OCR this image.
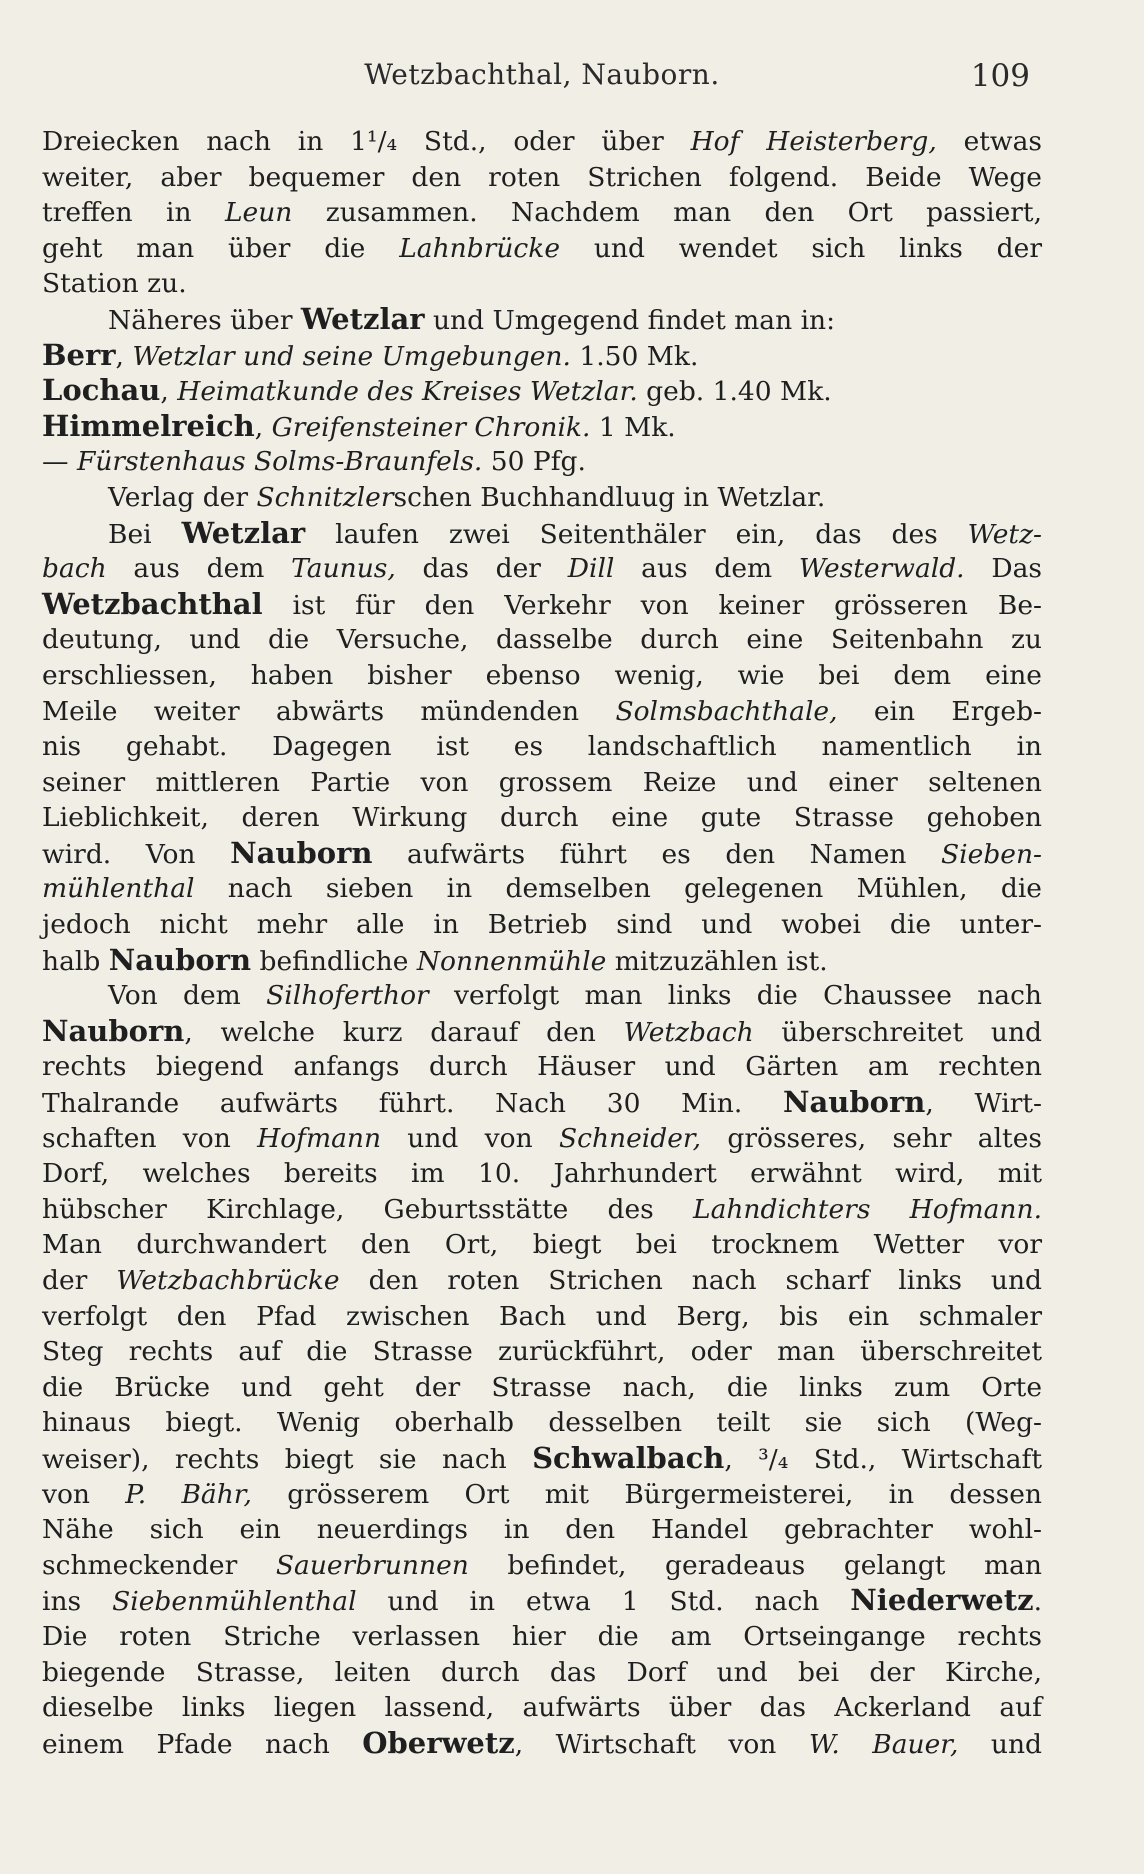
Wetzbachthal, Nauborn.	109
Dreiecken nach in 1¹/₄ Std., oder über Hof Heisterberg, etwas
weiter, aber bequemer den roten Strichen folgend. Beide Wege
treffen in Leun zusammen. Nachdem man den Ort passiert,
geht man über die Lahnbrücke und wendet sich links der
Station zu.
Näheres über Wetzlar und Umgegend findet man in:
Berr, Wetzlar und seine Umgebungen. 1.50 Mk.
Lochau, Heimatkunde des Kreises Wetzlar. geb. 1.40 Mk.
Himmelreich, Greifensteiner Chronik. 1 Mk.
— Fürstenhaus Solms-Braunfels. 50 Pfg.
Verlag der Schnitzlerschen Buchhandluug in Wetzlar.
Bei Wetzlar laufen zwei Seitenthäler ein, das des Wetz-
bach aus dem Taunus, das der Dill aus dem Westerwald. Das
Wetzbachthal ist für den Verkehr von keiner grösseren Be-
deutung, und die Versuche, dasselbe durch eine Seitenbahn zu
erschliessen, haben bisher ebenso wenig, wie bei dem eine
Meile weiter abwärts mündenden Solmsbachthale, ein Ergeb-
nis gehabt. Dagegen ist es landschaftlich namentlich in
seiner mittleren Partie von grossem Reize und einer seltenen
Lieblichkeit, deren Wirkung durch eine gute Strasse gehoben
wird. Von Nauborn aufwärts führt es den Namen Sieben-
mühlenthal nach sieben in demselben gelegenen Mühlen, die
jedoch nicht mehr alle in Betrieb sind und wobei die unter-
halb Nauborn befindliche Nonnenmühle mitzuzählen ist.
Von dem Silhoferthor verfolgt man links die Chaussee nach
Nauborn, welche kurz darauf den Wetzbach überschreitet und
rechts biegend anfangs durch Häuser und Gärten am rechten
Thalrande aufwärts führt. Nach 30 Min. Nauborn, Wirt-
schaften von Hofmann und von Schneider, grösseres, sehr altes
Dorf, welches bereits im 10. Jahrhundert erwähnt wird, mit
hübscher Kirchlage, Geburtsstätte des Lahndichters Hofmann.
Man durchwandert den Ort, biegt bei trocknem Wetter vor
der Wetzbachbrücke den roten Strichen nach scharf links und
verfolgt den Pfad zwischen Bach und Berg, bis ein schmaler
Steg rechts auf die Strasse zurückführt, oder man überschreitet
die Brücke und geht der Strasse nach, die links zum Orte
hinaus biegt. Wenig oberhalb desselben teilt sie sich (Weg-
weiser), rechts biegt sie nach Schwalbach, ³/₄ Std., Wirtschaft
von P. Bähr, grösserem Ort mit Bürgermeisterei, in dessen
Nähe sich ein neuerdings in den Handel gebrachter wohl-
schmeckender Sauerbrunnen befindet, geradeaus gelangt man
ins Siebenmühlenthal und in etwa 1 Std. nach Niederwetz.
Die roten Striche verlassen hier die am Ortseingange rechts
biegende Strasse, leiten durch das Dorf und bei der Kirche,
dieselbe links liegen lassend, aufwärts über das Ackerland auf
einem Pfade nach Oberwetz, Wirtschaft von W. Bauer, und
